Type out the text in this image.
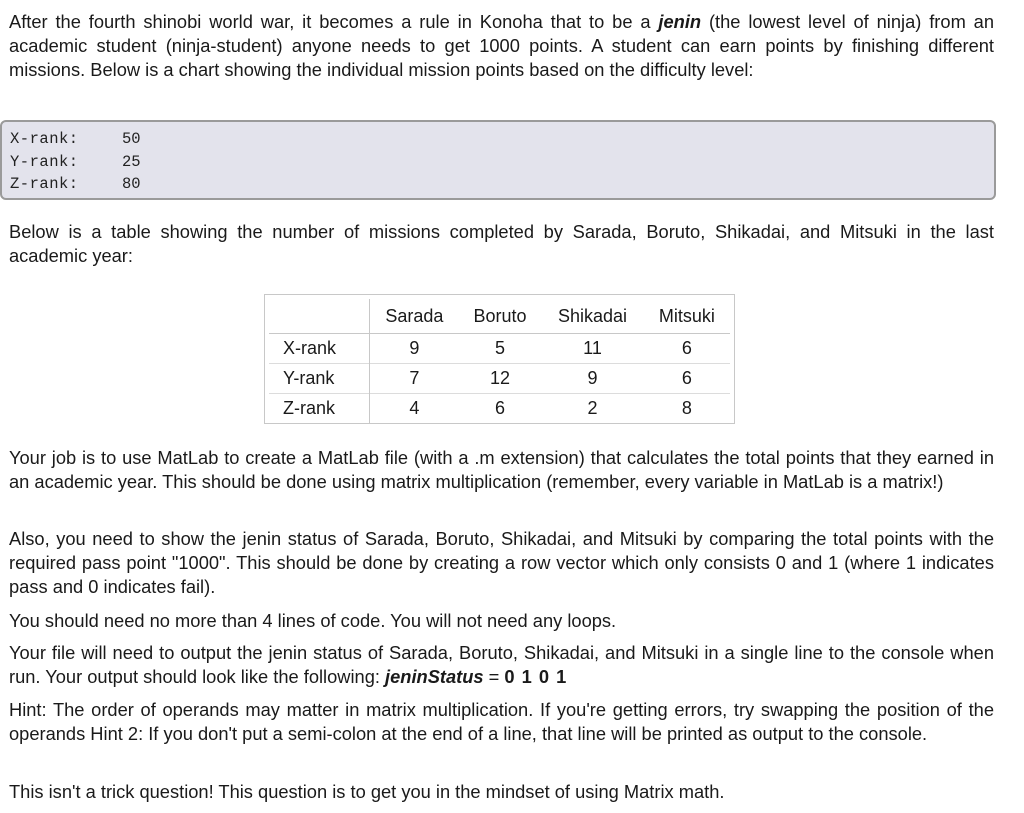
After the fourth shinobi world war, it becomes a rule in Konoha that to be a jenin (the lowest level of ninja) from an academic student (ninja-student) anyone needs to get 1000 points. A student can earn points by finishing different missions. Below is a chart showing the individual mission points based on the difficulty level:

X-rank:	50
Y-rank:	25
Z-rank:	80

Below is a table showing the number of missions completed by Sarada, Boruto, Shikadai, and Mitsuki in the last academic year:

	Sarada	Boruto	Shikadai	Mitsuki
X-rank	9	5	11	6
Y-rank	7	12	9	6
Z-rank	4	6	2	8

Your job is to use MatLab to create a MatLab file (with a .m extension) that calculates the total points that they earned in an academic year. This should be done using matrix multiplication (remember, every variable in MatLab is a matrix!)

Also, you need to show the jenin status of Sarada, Boruto, Shikadai, and Mitsuki by comparing the total points with the required pass point "1000". This should be done by creating a row vector which only consists 0 and 1 (where 1 indicates pass and 0 indicates fail).

You should need no more than 4 lines of code. You will not need any loops.

Your file will need to output the jenin status of Sarada, Boruto, Shikadai, and Mitsuki in a single line to the console when run. Your output should look like the following: jeninStatus = 0 1 0 1

Hint: The order of operands may matter in matrix multiplication. If you're getting errors, try swapping the position of the operands Hint 2: If you don't put a semi-colon at the end of a line, that line will be printed as output to the console.

This isn't a trick question! This question is to get you in the mindset of using Matrix math.
